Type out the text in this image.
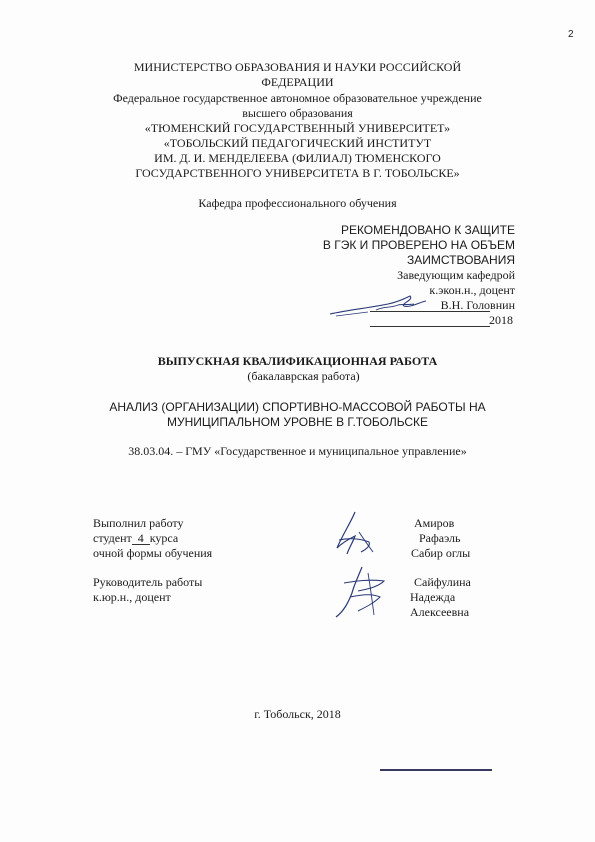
2
МИНИСТЕРСТВО ОБРАЗОВАНИЯ И НАУКИ РОССИЙСКОЙ
ФЕДЕРАЦИИ
Федеральное государственное автономное образовательное учреждение
высшего образования
«ТЮМЕНСКИЙ ГОСУДАРСТВЕННЫЙ УНИВЕРСИТЕТ»
«ТОБОЛЬСКИЙ ПЕДАГОГИЧЕСКИЙ ИНСТИТУТ
ИМ. Д. И. МЕНДЕЛЕЕВА (ФИЛИАЛ) ТЮМЕНСКОГО
ГОСУДАРСТВЕННОГО УНИВЕРСИТЕТА В Г. ТОБОЛЬСКЕ»
Кафедра профессионального обучения
РЕКОМЕНДОВАНО К ЗАЩИТЕ
В ГЭК И ПРОВЕРЕНО НА ОБЪЕМ
ЗАИМСТВОВАНИЯ
Заведующим кафедрой
к.экон.н., доцент
В.Н. Головнин
2018
ВЫПУСКНАЯ КВАЛИФИКАЦИОННАЯ РАБОТА
(бакалаврская работа)
АНАЛИЗ (ОРГАНИЗАЦИИ) СПОРТИВНО-МАССОВОЙ РАБОТЫ НА
МУНИЦИПАЛЬНОМ УРОВНЕ В Г.ТОБОЛЬСКЕ
38.03.04. – ГМУ «Государственное и муниципальное управление»
Выполнил работу
студент 4 курса
очной формы обучения
Амиров
Рафаэль
Сабир оглы
Руководитель работы
к.юр.н., доцент
Сайфулина
Надежда
Алексеевна
г. Тобольск, 2018
